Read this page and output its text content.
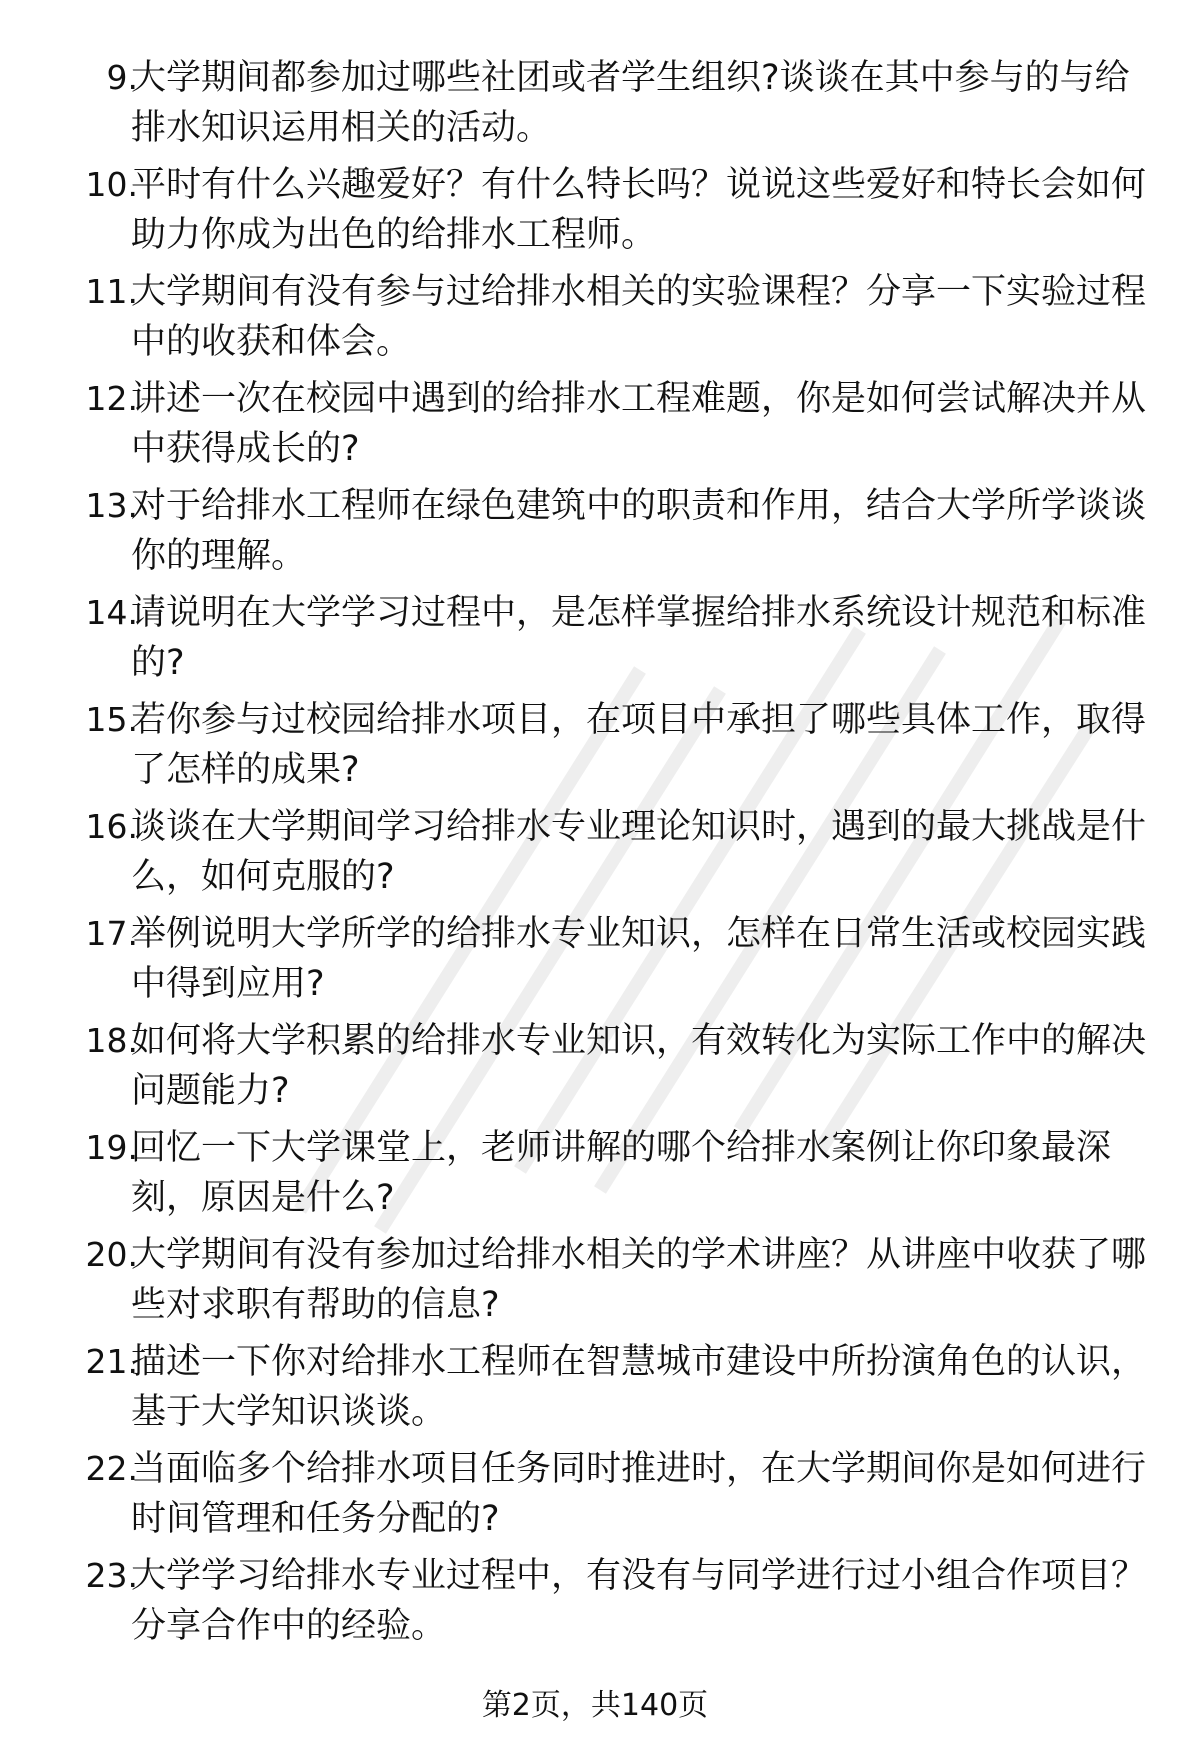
9.
大学期间都参加过哪些社团或者学生组织?谈谈在其中参与的与给排水知识运用相关的活动。
10.
平时有什么兴趣爱好？有什么特长吗？说说这些爱好和特长会如何助力你成为出色的给排水工程师。
11.
大学期间有没有参与过给排水相关的实验课程？分享一下实验过程中的收获和体会。
12.
讲述一次在校园中遇到的给排水工程难题，你是如何尝试解决并从中获得成长的?
13.
对于给排水工程师在绿色建筑中的职责和作用，结合大学所学谈谈你的理解。
14.
请说明在大学学习过程中，是怎样掌握给排水系统设计规范和标准的?
15.
若你参与过校园给排水项目，在项目中承担了哪些具体工作，取得了怎样的成果?
16.
谈谈在大学期间学习给排水专业理论知识时，遇到的最大挑战是什么，如何克服的?
17.
举例说明大学所学的给排水专业知识，怎样在日常生活或校园实践中得到应用?
18.
如何将大学积累的给排水专业知识，有效转化为实际工作中的解决问题能力?
19.
回忆一下大学课堂上，老师讲解的哪个给排水案例让你印象最深刻，原因是什么?
20.
大学期间有没有参加过给排水相关的学术讲座？从讲座中收获了哪些对求职有帮助的信息?
21.
描述一下你对给排水工程师在智慧城市建设中所扮演角色的认识，基于大学知识谈谈。
22.
当面临多个给排水项目任务同时推进时，在大学期间你是如何进行时间管理和任务分配的?
23.
大学学习给排水专业过程中，有没有与同学进行过小组合作项目？分享合作中的经验。
第2页，共140页
